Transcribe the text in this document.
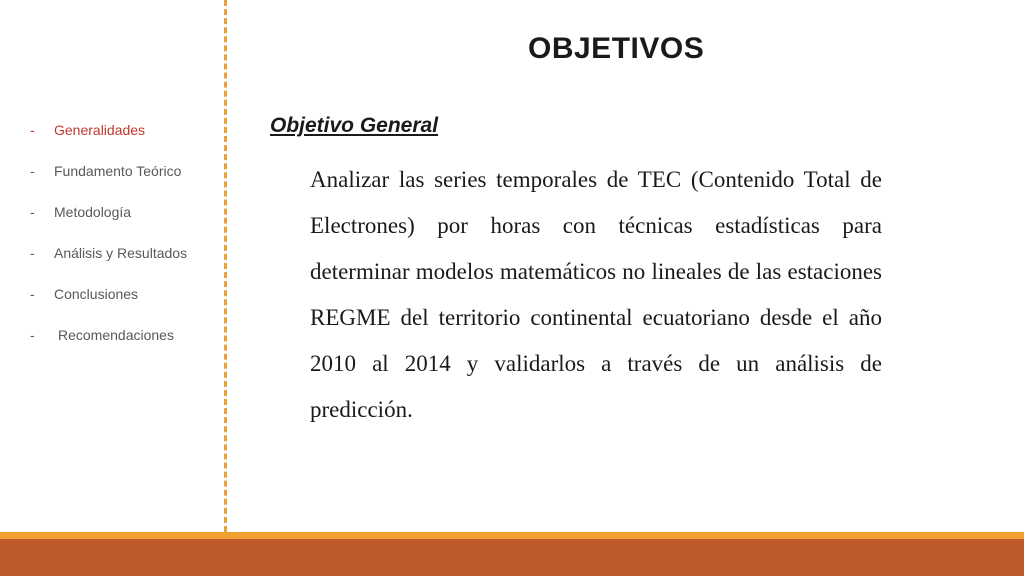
- Generalidades
- Fundamento Teórico
- Metodología
- Análisis y Resultados
- Conclusiones
- Recomendaciones
OBJETIVOS
Objetivo General

Analizar las series temporales de TEC (Contenido Total de Electrones) por horas con técnicas estadísticas para determinar modelos matemáticos no lineales de las estaciones REGME del territorio continental ecuatoriano desde el año 2010 al 2014 y validarlos a través de un análisis de predicción.
